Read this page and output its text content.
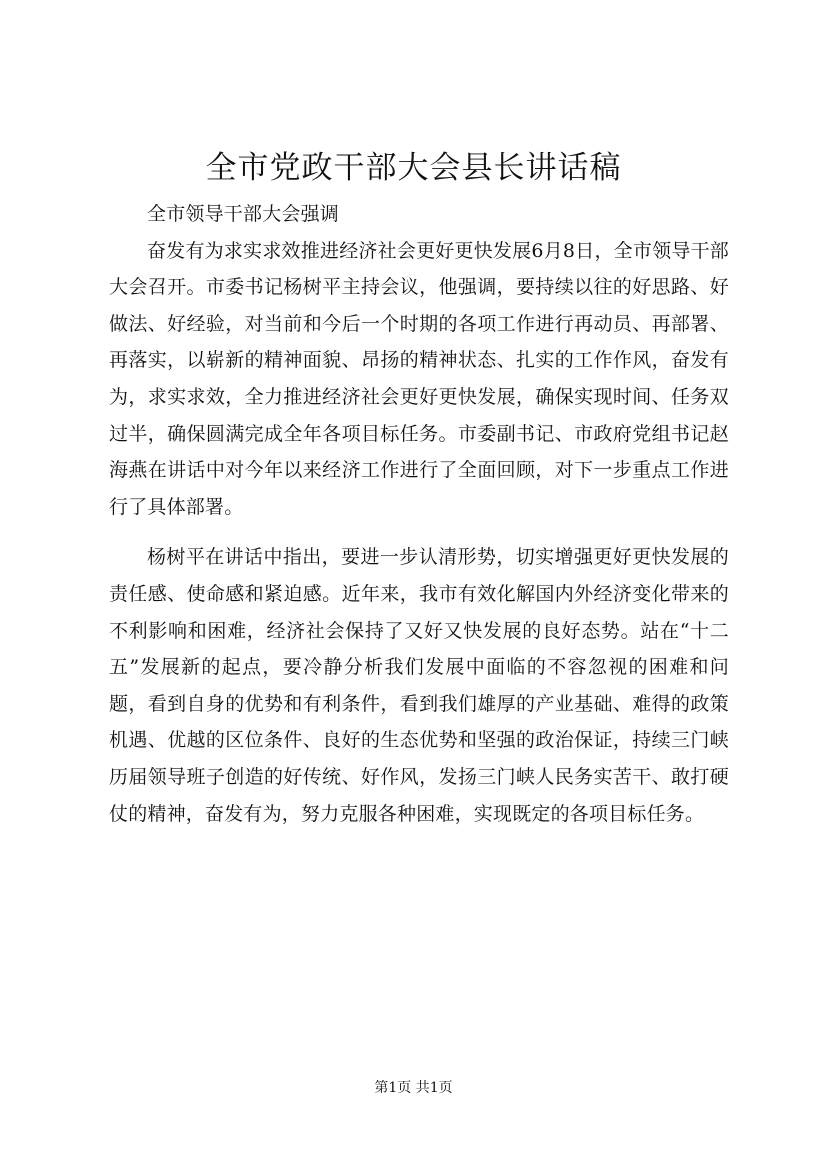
全市党政干部大会县长讲话稿

全市领导干部大会强调

奋发有为求实求效推进经济社会更好更快发展6月8日，全市领导干部大会召开。市委书记杨树平主持会议，他强调，要持续以往的好思路、好做法、好经验，对当前和今后一个时期的各项工作进行再动员、再部署、再落实，以崭新的精神面貌、昂扬的精神状态、扎实的工作作风，奋发有为，求实求效，全力推进经济社会更好更快发展，确保实现时间、任务双过半，确保圆满完成全年各项目标任务。市委副书记、市政府党组书记赵海燕在讲话中对今年以来经济工作进行了全面回顾，对下一步重点工作进行了具体部署。

杨树平在讲话中指出，要进一步认清形势，切实增强更好更快发展的责任感、使命感和紧迫感。近年来，我市有效化解国内外经济变化带来的不利影响和困难，经济社会保持了又好又快发展的良好态势。站在“十二五”发展新的起点，要冷静分析我们发展中面临的不容忽视的困难和问题，看到自身的优势和有利条件，看到我们雄厚的产业基础、难得的政策机遇、优越的区位条件、良好的生态优势和坚强的政治保证，持续三门峡历届领导班子创造的好传统、好作风，发扬三门峡人民务实苦干、敢打硬仗的精神，奋发有为，努力克服各种困难，实现既定的各项目标任务。

第1页 共1页
